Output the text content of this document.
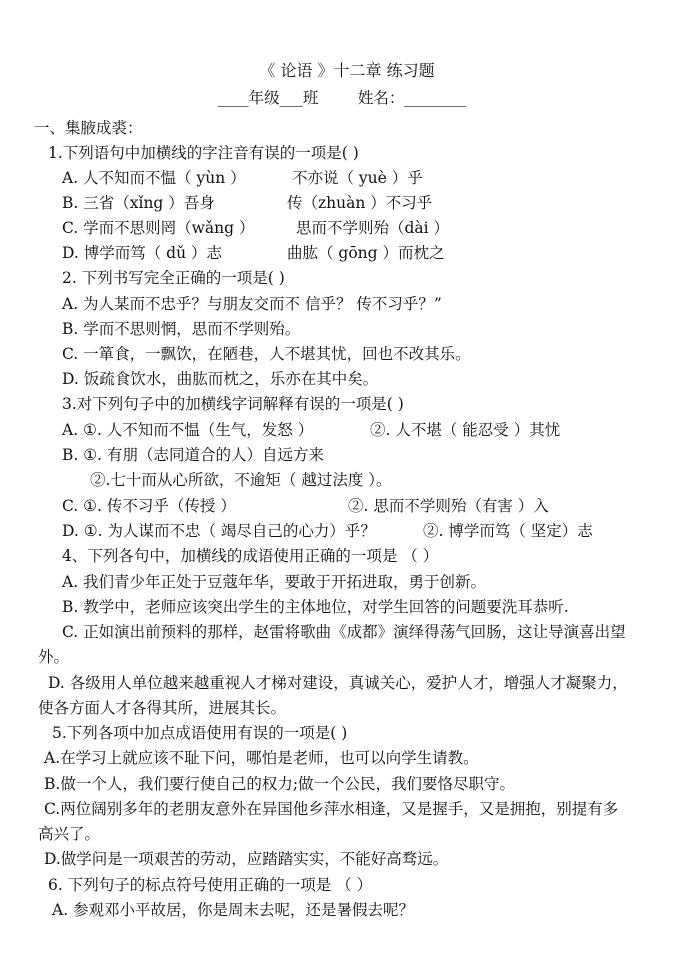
《 论语 》十二章 练习题
____年级___班        姓名：________
一、集腋成裘：
1.下列语句中加横线的字注音有误的一项是( )
A. 人不知而不愠（ yùn ）	不亦说（ yuè ）乎
B. 三省（xǐng ）吾身	传（zhuàn ）不习乎
C. 学而不思则罔（wǎng ）	思而不学则殆（dài ）
D. 博学而笃（ dǔ ）志	曲肱（ gōng ）而枕之
2. 下列书写完全正确的一项是( )
A. 为人某而不忠乎？与朋友交而不 信乎？ 传不习乎？”
B. 学而不思则惘，思而不学则殆。
C. 一箪食，一飘饮，在陋巷，人不堪其忧，回也不改其乐。
D. 饭疏食饮水，曲肱而枕之，乐亦在其中矣。
3.对下列句子中的加横线字词解释有误的一项是( )
A. ①. 人不知而不愠（生气，发怒 ）	②. 人不堪（ 能忍受 ）其忧
B. ①. 有朋（志同道合的人）自远方来
②.七十而从心所欲，不逾矩（ 越过法度 ）。
C. ①. 传不习乎（传授 ）	②. 思而不学则殆（有害 ）入
D. ①. 为人谋而不忠（ 竭尽自己的心力）乎？	②. 博学而笃（ 坚定）志
4、下列各句中，加横线的成语使用正确的一项是 （ ）
A. 我们青少年正处于豆蔻年华，要敢于开拓进取，勇于创新。
B. 教学中，老师应该突出学生的主体地位，对学生回答的问题要洗耳恭听.
C. 正如演出前预料的那样，赵雷将歌曲《成都》演绎得荡气回肠，这让导演喜出望
外。
D. 各级用人单位越来越重视人才梯对建设，真诚关心，爱护人才，增强人才凝聚力，
使各方面人才各得其所，进展其长。
5.下列各项中加点成语使用有误的一项是( )
A.在学习上就应该不耻下问，哪怕是老师，也可以向学生请教。
B.做一个人，我们要行使自己的权力;做一个公民，我们要恪尽职守。
C.两位阔别多年的老朋友意外在异国他乡萍水相逢，又是握手，又是拥抱，别提有多
高兴了。
D.做学问是一项艰苦的劳动，应踏踏实实，不能好高骛远。
6. 下列句子的标点符号使用正确的一项是 （ ）
A. 参观邓小平故居，你是周末去呢，还是暑假去呢？
